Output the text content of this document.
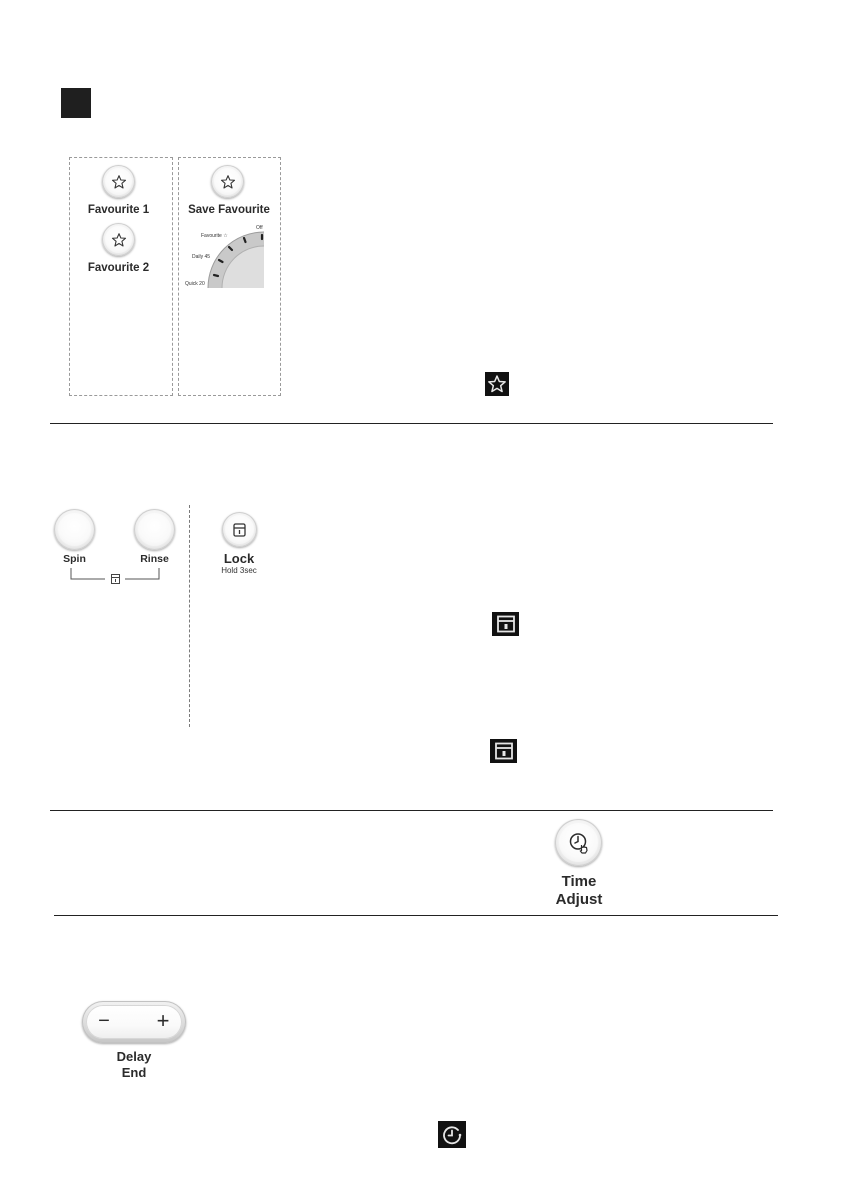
Favourite 1
Favourite 2
Save Favourite
Off
Favourite ☆
Daily 45
Quick 20
Spin	Rinse	Lock
Hold 3sec
Time
Adjust
− +
Delay
End
